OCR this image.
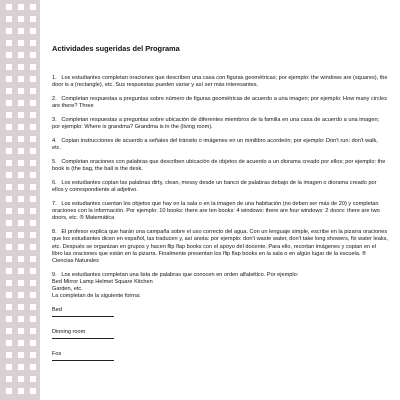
Actividades sugeridas del Programa
1.   Los estudiantes completan oraciones que describen una casa con figuras geométricas; por ejemplo: the windows are (squares), the door is a (rectangle), etc. Sus respuestas pueden variar y así ser más interesantes.
2.   Completan respuestas a preguntas sobre número de figuras geométricas de acuerdo a una imagen; por ejemplo: How many circles are there? Three
3.   Completan respuestas a preguntas sobre ubicación de diferentes miembros de la familia en una casa de acuerdo a una imagen; por ejemplo: Where is grandma? Grandma is in the (living room).
4.   Copian instrucciones de acuerdo a señales del tránsito o imágenes en un minilibro acordeón; por ejemplo: Don't run: don't walk, etc.
5.   Completan oraciones con palabras que describen ubicación de objetos de acuerdo a un diorama creado por ellos; por ejemplo: the book is (the bag, the ball is the desk.
6.   Los estudiantes copian las palabras dirty, clean, messy desde un banco de palabras debajo de la imagen o diorama creado por ellos y correspondiente al adjetivo.
7.   Los estudiantes cuentan los objetos que hay en la sala o en la imagen de una habitación (no deben ser más de 20) y completan oraciones con la información. Por ejemplo: 10 books: there are ten books: 4 windows: there are four windows: 2 doors: there are two doors, etc. ® Matemática
8.   El profesor explica que harán una campaña sobre el uso correcto del agua. Con un lenguaje simple, escribe en la pizarra oraciones que los estudiantes dicen en español, las traducen y, así anota: por ejemplo: don't waste water, don't take long showers, fix water leaks, etc. Después se organizan en grupos y hacen flip flap books con el apoyo del docente. Para ello, recortan imágenes y copian en el libro las oraciones que están en la pizarra. Finalmente presentan los flip flap books en la sala o en algún lugar de la escuela. ® Ciencias Naturales
9.   Los estudiantes completan una lista de palabras que conocen en orden alfabético. Por ejemplo:
Bed Mirror Lamp Helmet Square Kitchen
Garden, etc.
La completan de la siguiente forma:
Bed
Dinning room
Fos
